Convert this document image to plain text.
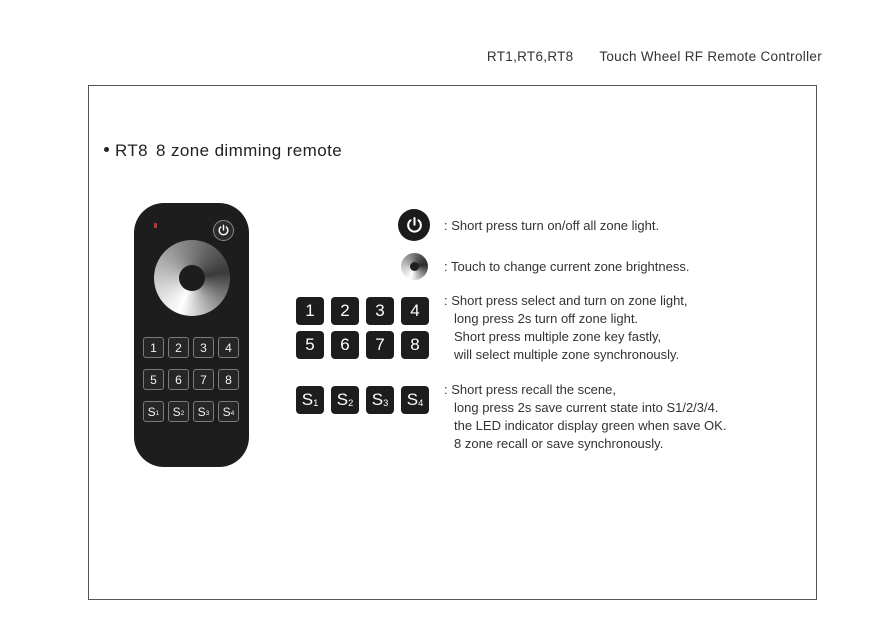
RT1,RT6,RT8 Touch Wheel RF Remote Controller
RT8 8 zone dimming remote
1	2	3	4
5	6	7	8
$S_1$ $S_2$ $S_3$ $S_4$
: Short press turn on/off all zone light.
: Touch to change current zone brightness.
1	2	3	4
5	6	7	8
: Short press select and turn on zone light,
long press 2s turn off zone light.
Short press multiple zone key fastly,
will select multiple zone synchronously.
$S_1$ $S_2$ $S_3$ $S_4$
: Short press recall the scene,
long press 2s save current state into S1/2/3/4.
the LED indicator display green when save OK.
8 zone recall or save synchronously.
